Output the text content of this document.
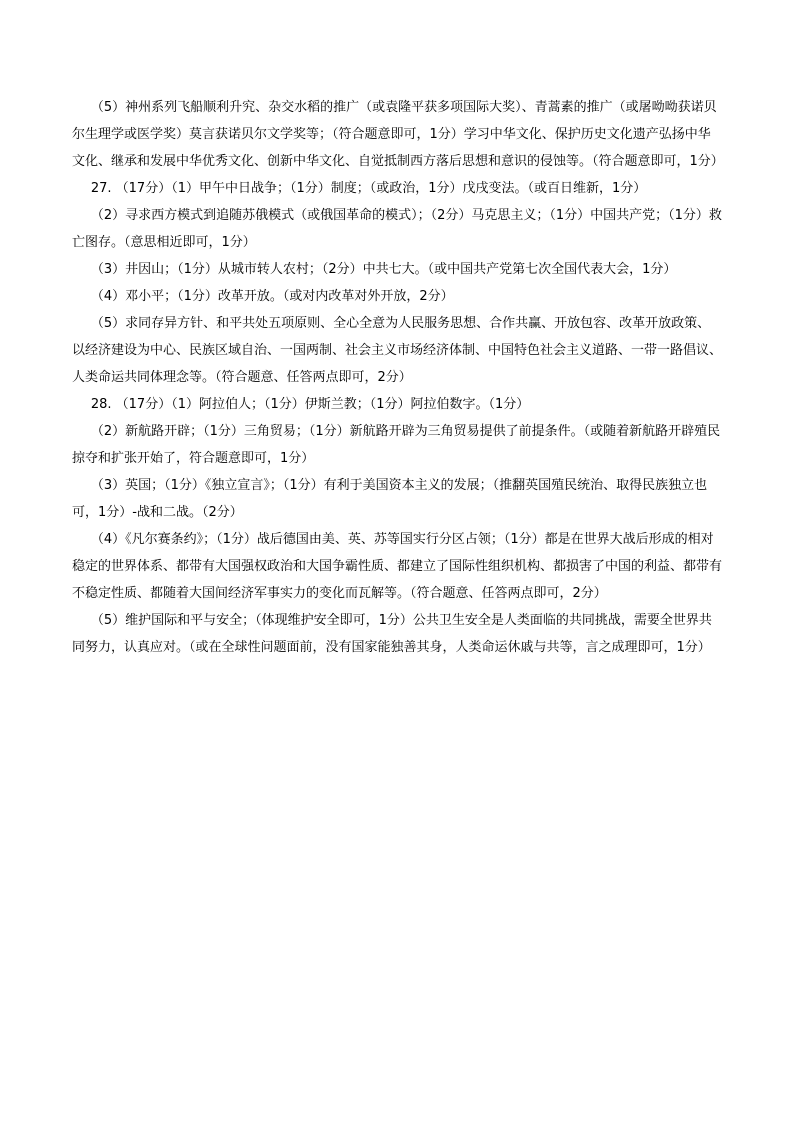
（5）神州系列飞船顺利升究、杂交水稻的推广（或袁隆平获多项国际大奖）、青蒿素的推广（或屠呦呦获诺贝尔生理学或医学奖）莫言获诺贝尔文学奖等；（符合题意即可，1分）学习中华文化、保护历史文化遗产弘扬中华文化、继承和发展中华优秀文化、创新中华文化、自觉抵制西方落后思想和意识的侵蚀等。（符合题意即可，1分）

27. （17分）（1）甲午中日战争；（1分）制度；（或政治，1分）戊戌变法。（或百日维新，1分）

（2）寻求西方模式到追随苏俄模式（或俄国革命的模式）；（2分）马克思主义；（1分）中国共产党；（1分）救亡图存。（意思相近即可，1分）

（3）井因山；（1分）从城市转人农村；（2分）中共七大。（或中国共产党第七次全国代表大会，1分）

（4）邓小平；（1分）改革开放。（或对内改革对外开放，2分）

（5）求同存异方针、和平共处五项原则、全心全意为人民服务思想、合作共赢、开放包容、改革开放政策、以经济建设为中心、民族区域自治、一国两制、社会主义市场经济体制、中国特色社会主义道路、一带一路倡议、人类命运共同体理念等。（符合题意、任答两点即可，2分）

28. （17分）（1）阿拉伯人；（1分）伊斯兰教；（1分）阿拉伯数字。（1分）

（2）新航路开辟；（1分）三角贸易；（1分）新航路开辟为三角贸易提供了前提条件。（或随着新航路开辟殖民掠夺和扩张开始了，符合题意即可，1分）

（3）英国；（1分）《独立宣言》；（1分）有利于美国资本主义的发展；（推翻英国殖民统治、取得民族独立也可，1分）-战和二战。（2分）

（4）《凡尔赛条约》；（1分）战后德国由美、英、苏等国实行分区占领；（1分）都是在世界大战后形成的相对稳定的世界体系、都带有大国强权政治和大国争霸性质、都建立了国际性组织机构、都损害了中国的利益、都带有不稳定性质、都随着大国间经济军事实力的变化而瓦解等。（符合题意、任答两点即可，2分）

（5）维护国际和平与安全；（体现维护安全即可，1分）公共卫生安全是人类面临的共同挑战，需要全世界共同努力，认真应对。（或在全球性问题面前，没有国家能独善其身，人类命运休戚与共等，言之成理即可，1分）
